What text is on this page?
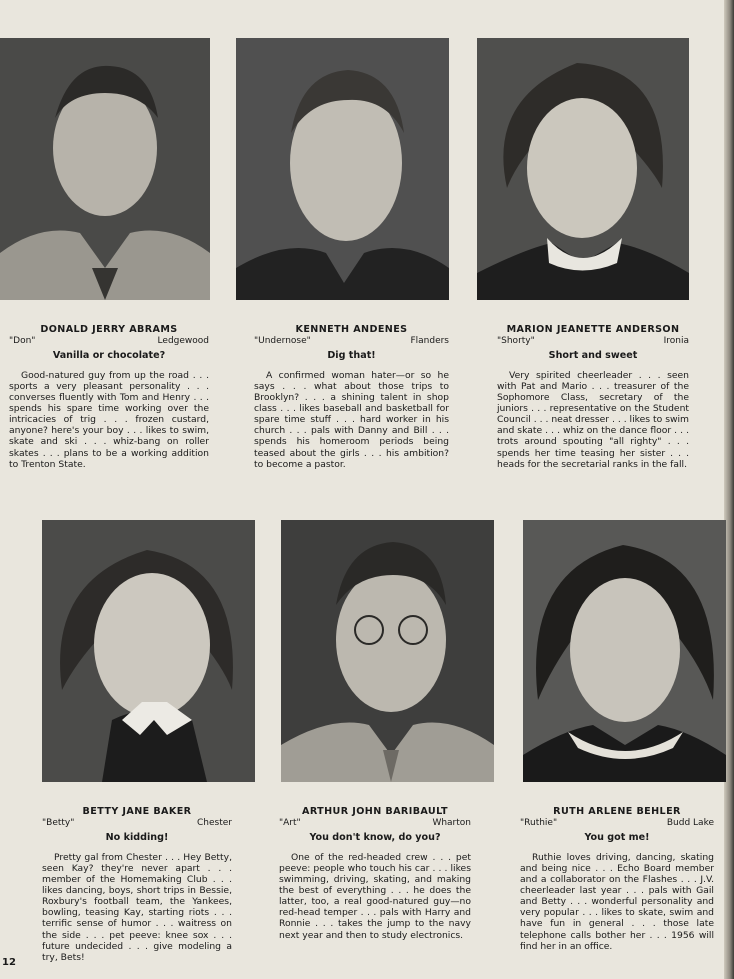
DONALD JERRY ABRAMS
"Don"	Ledgewood
Vanilla or chocolate?
Good-natured guy from up the road . . . sports a very pleasant personality . . . converses fluently with Tom and Henry . . . spends his spare time working over the intricacies of trig . . . frozen custard, anyone? here's your boy . . . likes to swim, skate and ski . . . whiz-bang on roller skates . . . plans to be a working addition to Trenton State.
KENNETH ANDENES
"Undernose"	Flanders
Dig that!
A confirmed woman hater—or so he says . . . what about those trips to Brooklyn? . . . a shining talent in shop class . . . likes baseball and basketball for spare time stuff . . . hard worker in his church . . . pals with Danny and Bill . . . spends his homeroom periods being teased about the girls . . . his ambition? to become a pastor.
MARION JEANETTE ANDERSON
"Shorty"	Ironia
Short and sweet
Very spirited cheerleader . . . seen with Pat and Mario . . . treasurer of the Sophomore Class, secretary of the juniors . . . representative on the Student Council . . . neat dresser . . . likes to swim and skate . . . whiz on the dance floor . . . trots around spouting "all righty" . . . spends her time teasing her sister . . . heads for the secretarial ranks in the fall.
BETTY JANE BAKER
"Betty"	Chester
No kidding!
Pretty gal from Chester . . . Hey Betty, seen Kay? they're never apart . . . member of the Homemaking Club . . . likes dancing, boys, short trips in Bessie, Roxbury's football team, the Yankees, bowling, teasing Kay, starting riots . . . terrific sense of humor . . . waitress on the side . . . pet peeve: knee sox . . . future undecided . . . give modeling a try, Bets!
ARTHUR JOHN BARIBAULT
"Art"	Wharton
You don't know, do you?
One of the red-headed crew . . . pet peeve: people who touch his car . . . likes swimming, driving, skating, and making the best of everything . . . he does the latter, too, a real good-natured guy—no red-head temper . . . pals with Harry and Ronnie . . . takes the jump to the navy next year and then to study electronics.
RUTH ARLENE BEHLER
"Ruthie"	Budd Lake
You got me!
Ruthie loves driving, dancing, skating and being nice . . . Echo Board member and a collaborator on the Flashes . . . J.V. cheerleader last year . . . pals with Gail and Betty . . . wonderful personality and very popular . . . likes to skate, swim and have fun in general . . . those late telephone calls bother her . . . 1956 will find her in an office.
12
